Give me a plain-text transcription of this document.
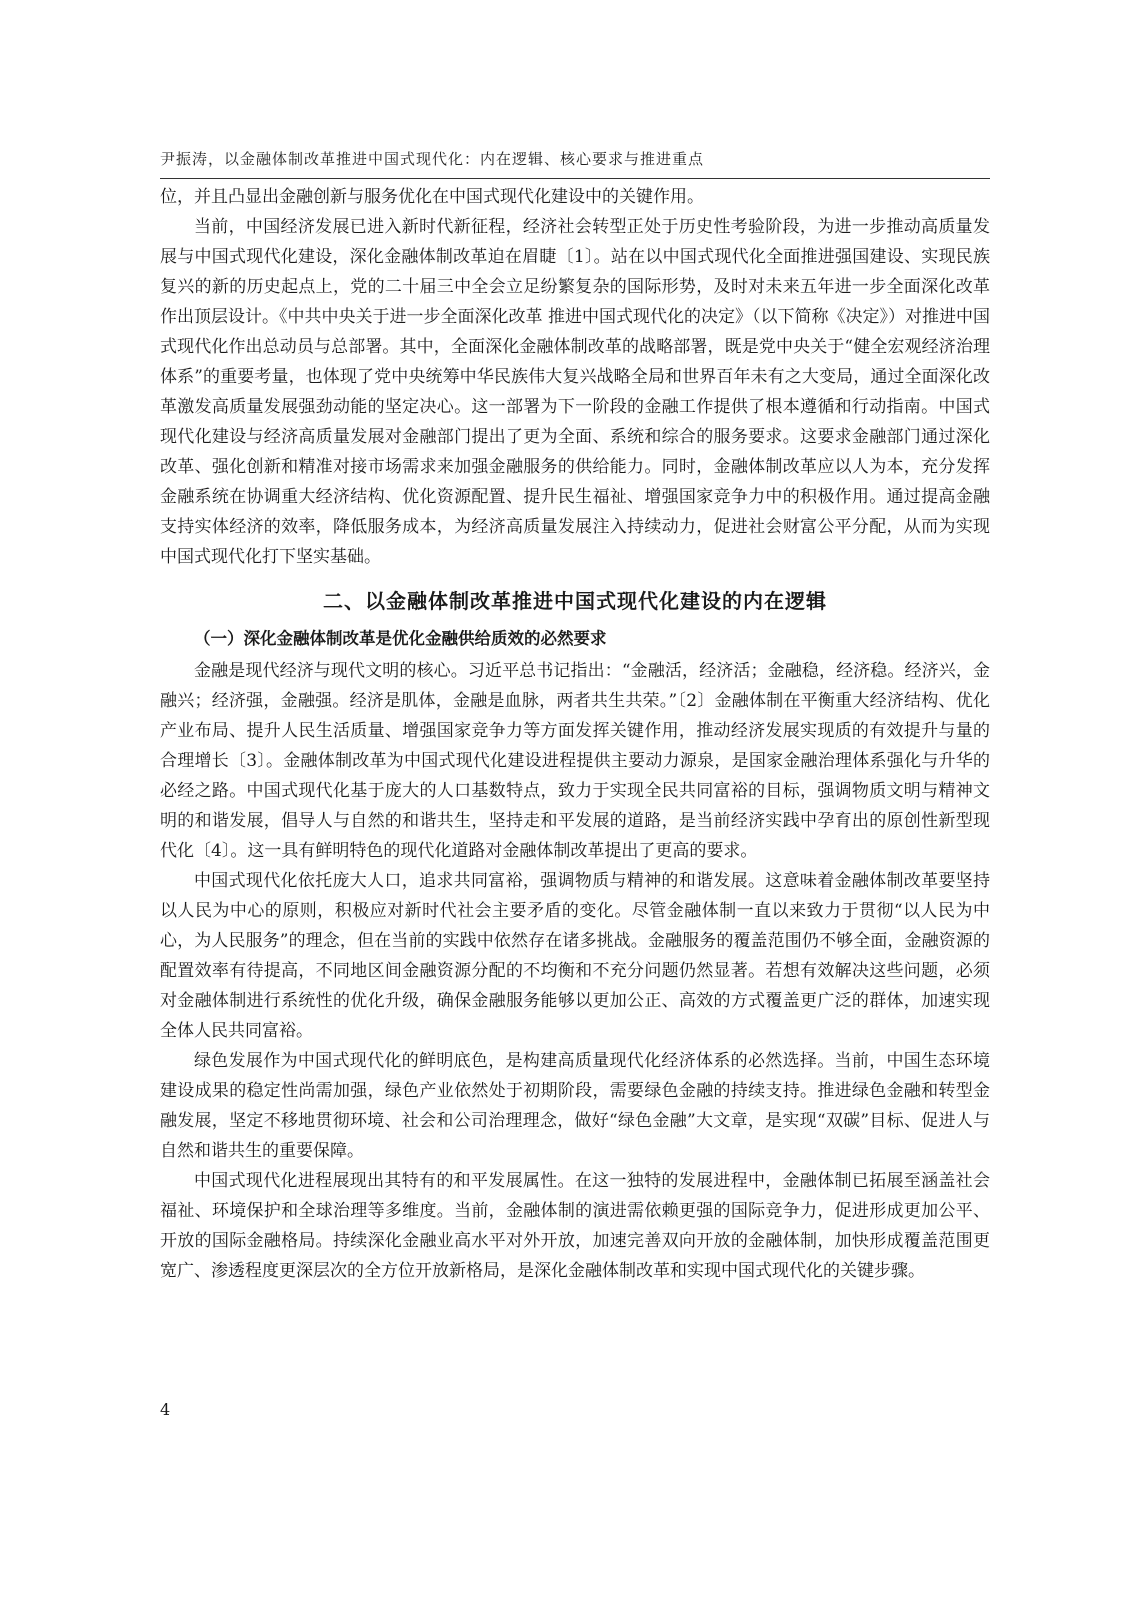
尹振涛，以金融体制改革推进中国式现代化：内在逻辑、核心要求与推进重点

位，并且凸显出金融创新与服务优化在中国式现代化建设中的关键作用。

当前，中国经济发展已进入新时代新征程，经济社会转型正处于历史性考验阶段，为进一步推动高质量发展与中国式现代化建设，深化金融体制改革迫在眉睫〔1〕。站在以中国式现代化全面推进强国建设、实现民族复兴的新的历史起点上，党的二十届三中全会立足纷繁复杂的国际形势，及时对未来五年进一步全面深化改革作出顶层设计。《中共中央关于进一步全面深化改革 推进中国式现代化的决定》（以下简称《决定》）对推进中国式现代化作出总动员与总部署。其中，全面深化金融体制改革的战略部署，既是党中央关于“健全宏观经济治理体系”的重要考量，也体现了党中央统筹中华民族伟大复兴战略全局和世界百年未有之大变局，通过全面深化改革激发高质量发展强劲动能的坚定决心。这一部署为下一阶段的金融工作提供了根本遵循和行动指南。中国式现代化建设与经济高质量发展对金融部门提出了更为全面、系统和综合的服务要求。这要求金融部门通过深化改革、强化创新和精准对接市场需求来加强金融服务的供给能力。同时，金融体制改革应以人为本，充分发挥金融系统在协调重大经济结构、优化资源配置、提升民生福祉、增强国家竞争力中的积极作用。通过提高金融支持实体经济的效率，降低服务成本，为经济高质量发展注入持续动力，促进社会财富公平分配，从而为实现中国式现代化打下坚实基础。

二、以金融体制改革推进中国式现代化建设的内在逻辑
（一）深化金融体制改革是优化金融供给质效的必然要求

金融是现代经济与现代文明的核心。习近平总书记指出：“金融活，经济活；金融稳，经济稳。经济兴，金融兴；经济强，金融强。经济是肌体，金融是血脉，两者共生共荣。”〔2〕金融体制在平衡重大经济结构、优化产业布局、提升人民生活质量、增强国家竞争力等方面发挥关键作用，推动经济发展实现质的有效提升与量的合理增长〔3〕。金融体制改革为中国式现代化建设进程提供主要动力源泉，是国家金融治理体系强化与升华的必经之路。中国式现代化基于庞大的人口基数特点，致力于实现全民共同富裕的目标，强调物质文明与精神文明的和谐发展，倡导人与自然的和谐共生，坚持走和平发展的道路，是当前经济实践中孕育出的原创性新型现代化〔4〕。这一具有鲜明特色的现代化道路对金融体制改革提出了更高的要求。

中国式现代化依托庞大人口，追求共同富裕，强调物质与精神的和谐发展。这意味着金融体制改革要坚持以人民为中心的原则，积极应对新时代社会主要矛盾的变化。尽管金融体制一直以来致力于贯彻“以人民为中心，为人民服务”的理念，但在当前的实践中依然存在诸多挑战。金融服务的覆盖范围仍不够全面，金融资源的配置效率有待提高，不同地区间金融资源分配的不均衡和不充分问题仍然显著。若想有效解决这些问题，必须对金融体制进行系统性的优化升级，确保金融服务能够以更加公正、高效的方式覆盖更广泛的群体，加速实现全体人民共同富裕。

绿色发展作为中国式现代化的鲜明底色，是构建高质量现代化经济体系的必然选择。当前，中国生态环境建设成果的稳定性尚需加强，绿色产业依然处于初期阶段，需要绿色金融的持续支持。推进绿色金融和转型金融发展，坚定不移地贯彻环境、社会和公司治理理念，做好“绿色金融”大文章，是实现“双碳”目标、促进人与自然和谐共生的重要保障。

中国式现代化进程展现出其特有的和平发展属性。在这一独特的发展进程中，金融体制已拓展至涵盖社会福祉、环境保护和全球治理等多维度。当前，金融体制的演进需依赖更强的国际竞争力，促进形成更加公平、开放的国际金融格局。持续深化金融业高水平对外开放，加速完善双向开放的金融体制，加快形成覆盖范围更宽广、渗透程度更深层次的全方位开放新格局，是深化金融体制改革和实现中国式现代化的关键步骤。

4
